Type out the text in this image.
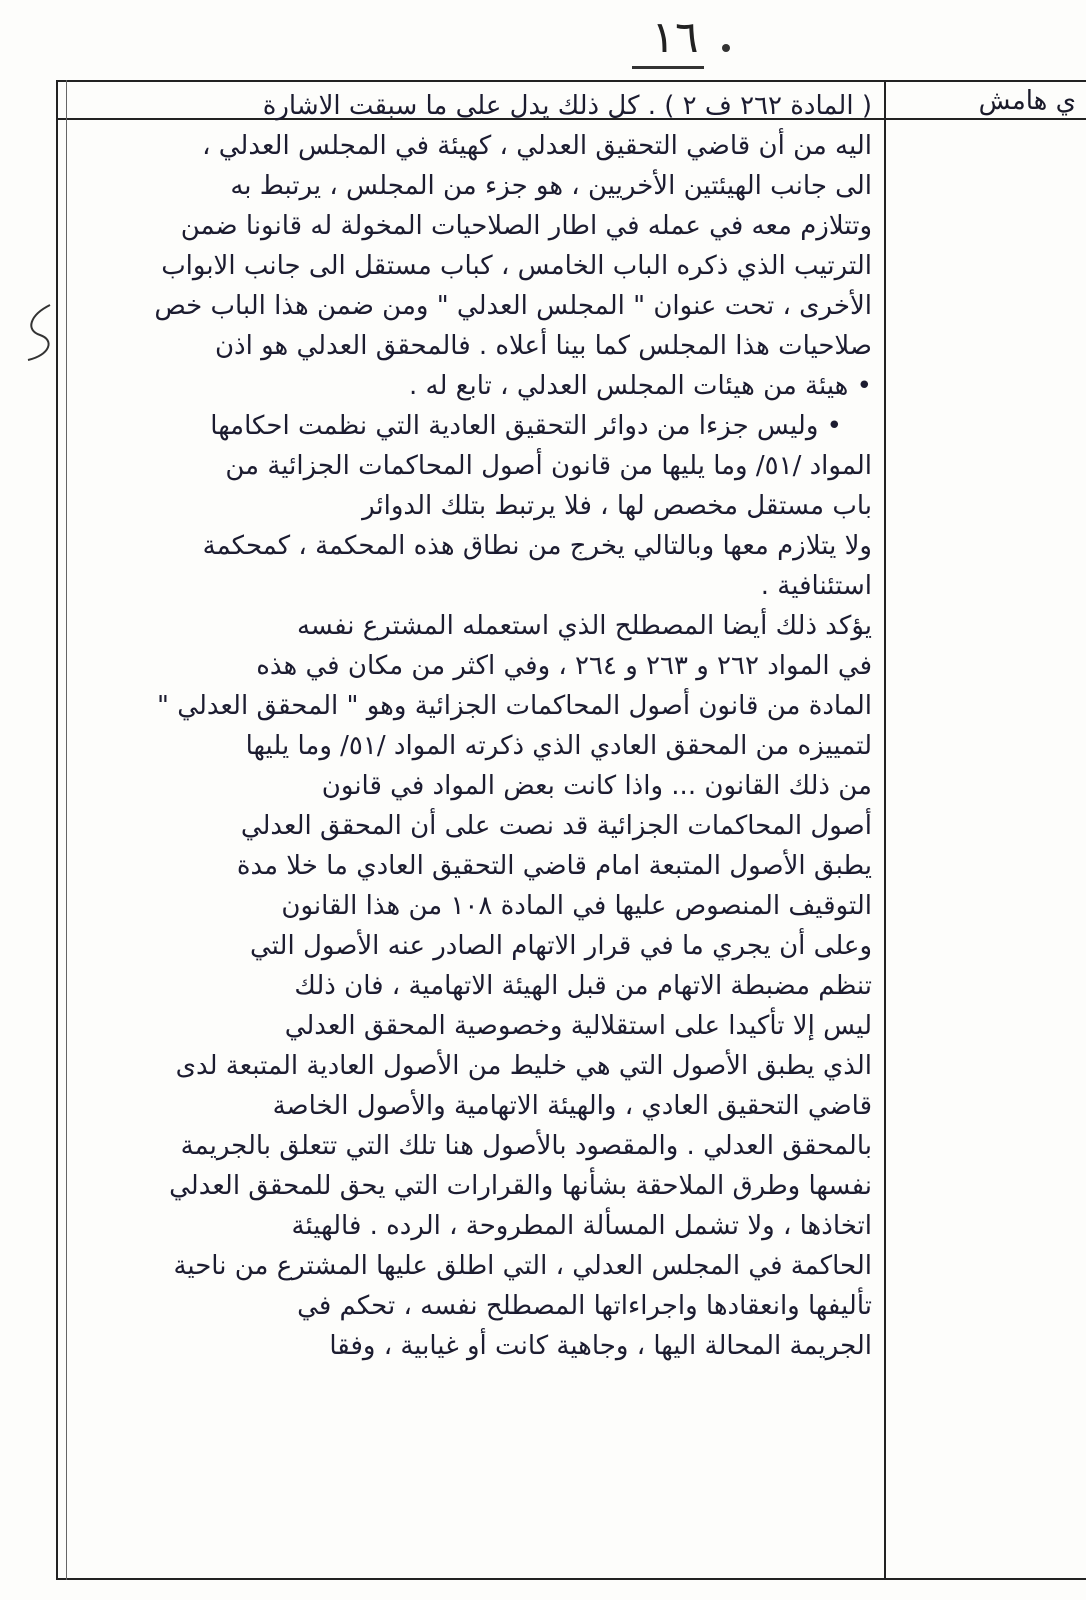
١٦
ي هامش
( المادة ٢٦٢ ف ٢ ) . كل ذلك يدل على ما سبقت الاشارة
اليه من أن قاضي التحقيق العدلي ، كهيئة في المجلس العدلي ،
الى جانب الهيئتين الأخريين ، هو جزء من المجلس ، يرتبط به
وتتلازم معه في عمله في اطار الصلاحيات المخولة له قانونا ضمن
الترتيب الذي ذكره الباب الخامس ، كباب مستقل الى جانب الابواب
الأخرى ، تحت عنوان " المجلس العدلي " ومن ضمن هذا الباب خص
صلاحيات هذا المجلس كما بينا أعلاه . فالمحقق العدلي هو اذن
• هيئة من هيئات المجلس العدلي ، تابع له .
• وليس جزءا من دوائر التحقيق العادية التي نظمت احكامها
المواد /٥١/ وما يليها من قانون أصول المحاكمات الجزائية من
باب مستقل مخصص لها ، فلا يرتبط بتلك الدوائر
ولا يتلازم معها وبالتالي يخرج من نطاق هذه المحكمة ، كمحكمة
استئنافية .
يؤكد ذلك أيضا المصطلح الذي استعمله المشترع نفسه
في المواد ٢٦٢ و ٢٦٣ و ٢٦٤ ، وفي اكثر من مكان في هذه
المادة من قانون أصول المحاكمات الجزائية وهو " المحقق العدلي "
لتمييزه من المحقق العادي الذي ذكرته المواد /٥١/ وما يليها
من ذلك القانون ... واذا كانت بعض المواد في قانون
أصول المحاكمات الجزائية قد نصت على أن المحقق العدلي
يطبق الأصول المتبعة امام قاضي التحقيق العادي ما خلا مدة
التوقيف المنصوص عليها في المادة ١٠٨ من هذا القانون
وعلى أن يجري ما في قرار الاتهام الصادر عنه الأصول التي
تنظم مضبطة الاتهام من قبل الهيئة الاتهامية ، فان ذلك
ليس إلا تأكيدا على استقلالية وخصوصية المحقق العدلي
الذي يطبق الأصول التي هي خليط من الأصول العادية المتبعة لدى
قاضي التحقيق العادي ، والهيئة الاتهامية والأصول الخاصة
بالمحقق العدلي . والمقصود بالأصول هنا تلك التي تتعلق بالجريمة
نفسها وطرق الملاحقة بشأنها والقرارات التي يحق للمحقق العدلي
اتخاذها ، ولا تشمل المسألة المطروحة ، الرده . فالهيئة
الحاكمة في المجلس العدلي ، التي اطلق عليها المشترع من ناحية
تأليفها وانعقادها واجراءاتها المصطلح نفسه ، تحكم في
الجريمة المحالة اليها ، وجاهية كانت أو غيابية ، وفقا
